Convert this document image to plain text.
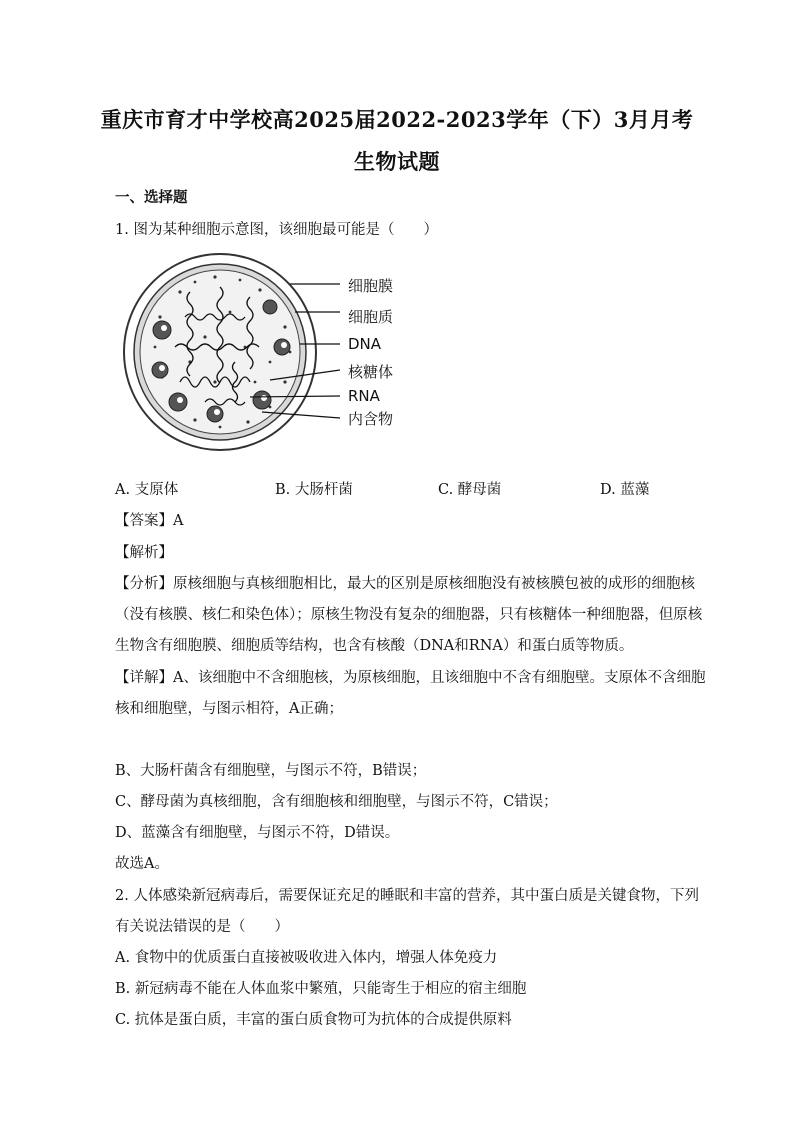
重庆市育才中学校高2025届2022-2023学年（下）3月月考
生物试题
一、选择题
1. 图为某种细胞示意图，该细胞最可能是（　　）
细胞膜
细胞质
DNA
核糖体
RNA
内含物
A. 支原体	B. 大肠杆菌	C. 酵母菌	D. 蓝藻
【答案】A
【解析】
【分析】原核细胞与真核细胞相比，最大的区别是原核细胞没有被核膜包被的成形的细胞核
（没有核膜、核仁和染色体）；原核生物没有复杂的细胞器，只有核糖体一种细胞器，但原核
生物含有细胞膜、细胞质等结构，也含有核酸（DNA和RNA）和蛋白质等物质。
【详解】A、该细胞中不含细胞核，为原核细胞，且该细胞中不含有细胞壁。支原体不含细胞
核和细胞壁，与图示相符，A正确；
B、大肠杆菌含有细胞壁，与图示不符，B错误；
C、酵母菌为真核细胞，含有细胞核和细胞壁，与图示不符，C错误；
D、蓝藻含有细胞壁，与图示不符，D错误。
故选A。
2. 人体感染新冠病毒后，需要保证充足的睡眠和丰富的营养，其中蛋白质是关键食物，下列
有关说法错误的是（　　）
A. 食物中的优质蛋白直接被吸收进入体内，增强人体免疫力
B. 新冠病毒不能在人体血浆中繁殖，只能寄生于相应的宿主细胞
C. 抗体是蛋白质，丰富的蛋白质食物可为抗体的合成提供原料
